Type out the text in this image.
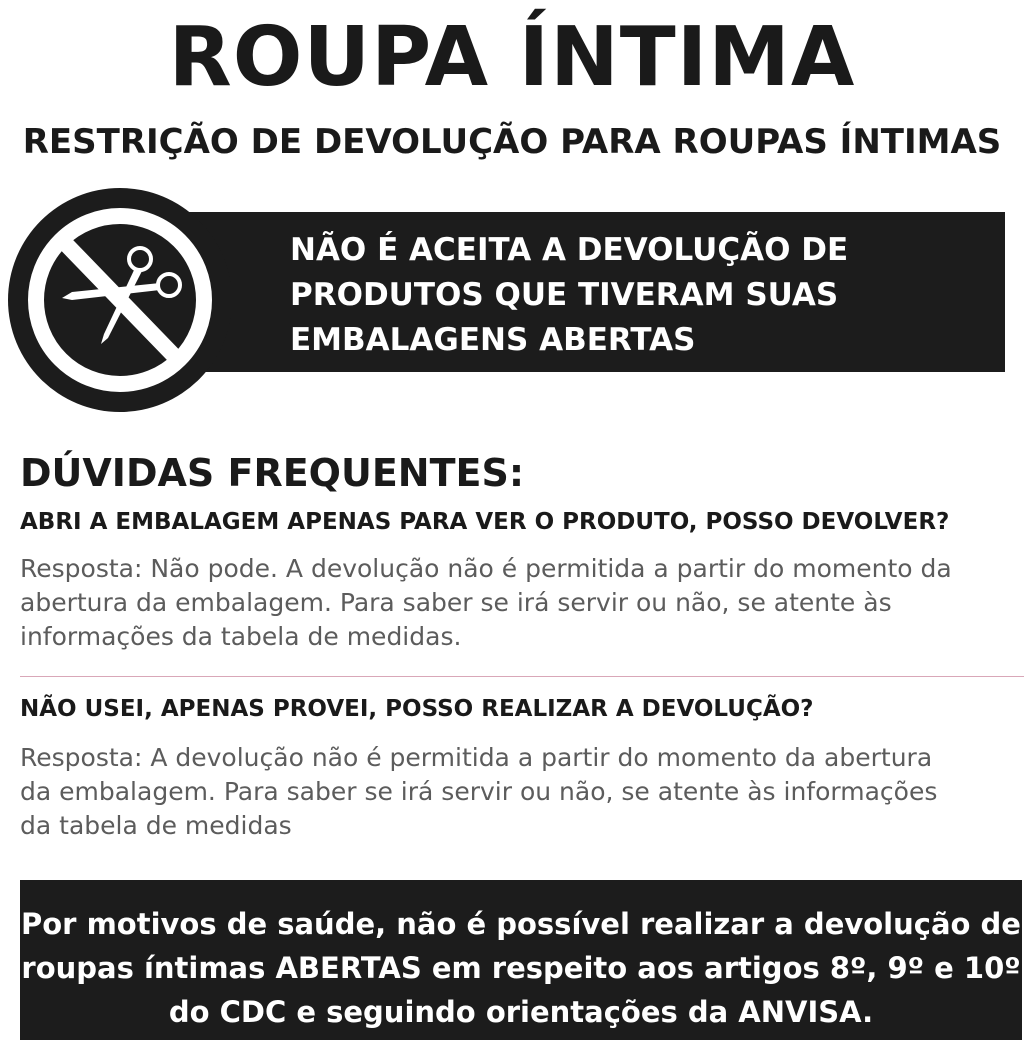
ROUPA ÍNTIMA
RESTRIÇÃO DE DEVOLUÇÃO PARA ROUPAS ÍNTIMAS
NÃO É ACEITA A DEVOLUÇÃO DE
PRODUTOS QUE TIVERAM SUAS
EMBALAGENS ABERTAS
DÚVIDAS FREQUENTES:
ABRI A EMBALAGEM APENAS PARA VER O PRODUTO, POSSO DEVOLVER?
Resposta: Não pode. A devolução não é permitida a partir do momento da
abertura da embalagem. Para saber se irá servir ou não, se atente às
informações da tabela de medidas.
NÃO USEI, APENAS PROVEI, POSSO REALIZAR A DEVOLUÇÃO?
Resposta: A devolução não é permitida a partir do momento da abertura
da embalagem. Para saber se irá servir ou não, se atente às informações
da tabela de medidas
Por motivos de saúde, não é possível realizar a devolução de
roupas íntimas ABERTAS em respeito aos artigos 8º, 9º e 10º
do CDC e seguindo orientações da ANVISA.
